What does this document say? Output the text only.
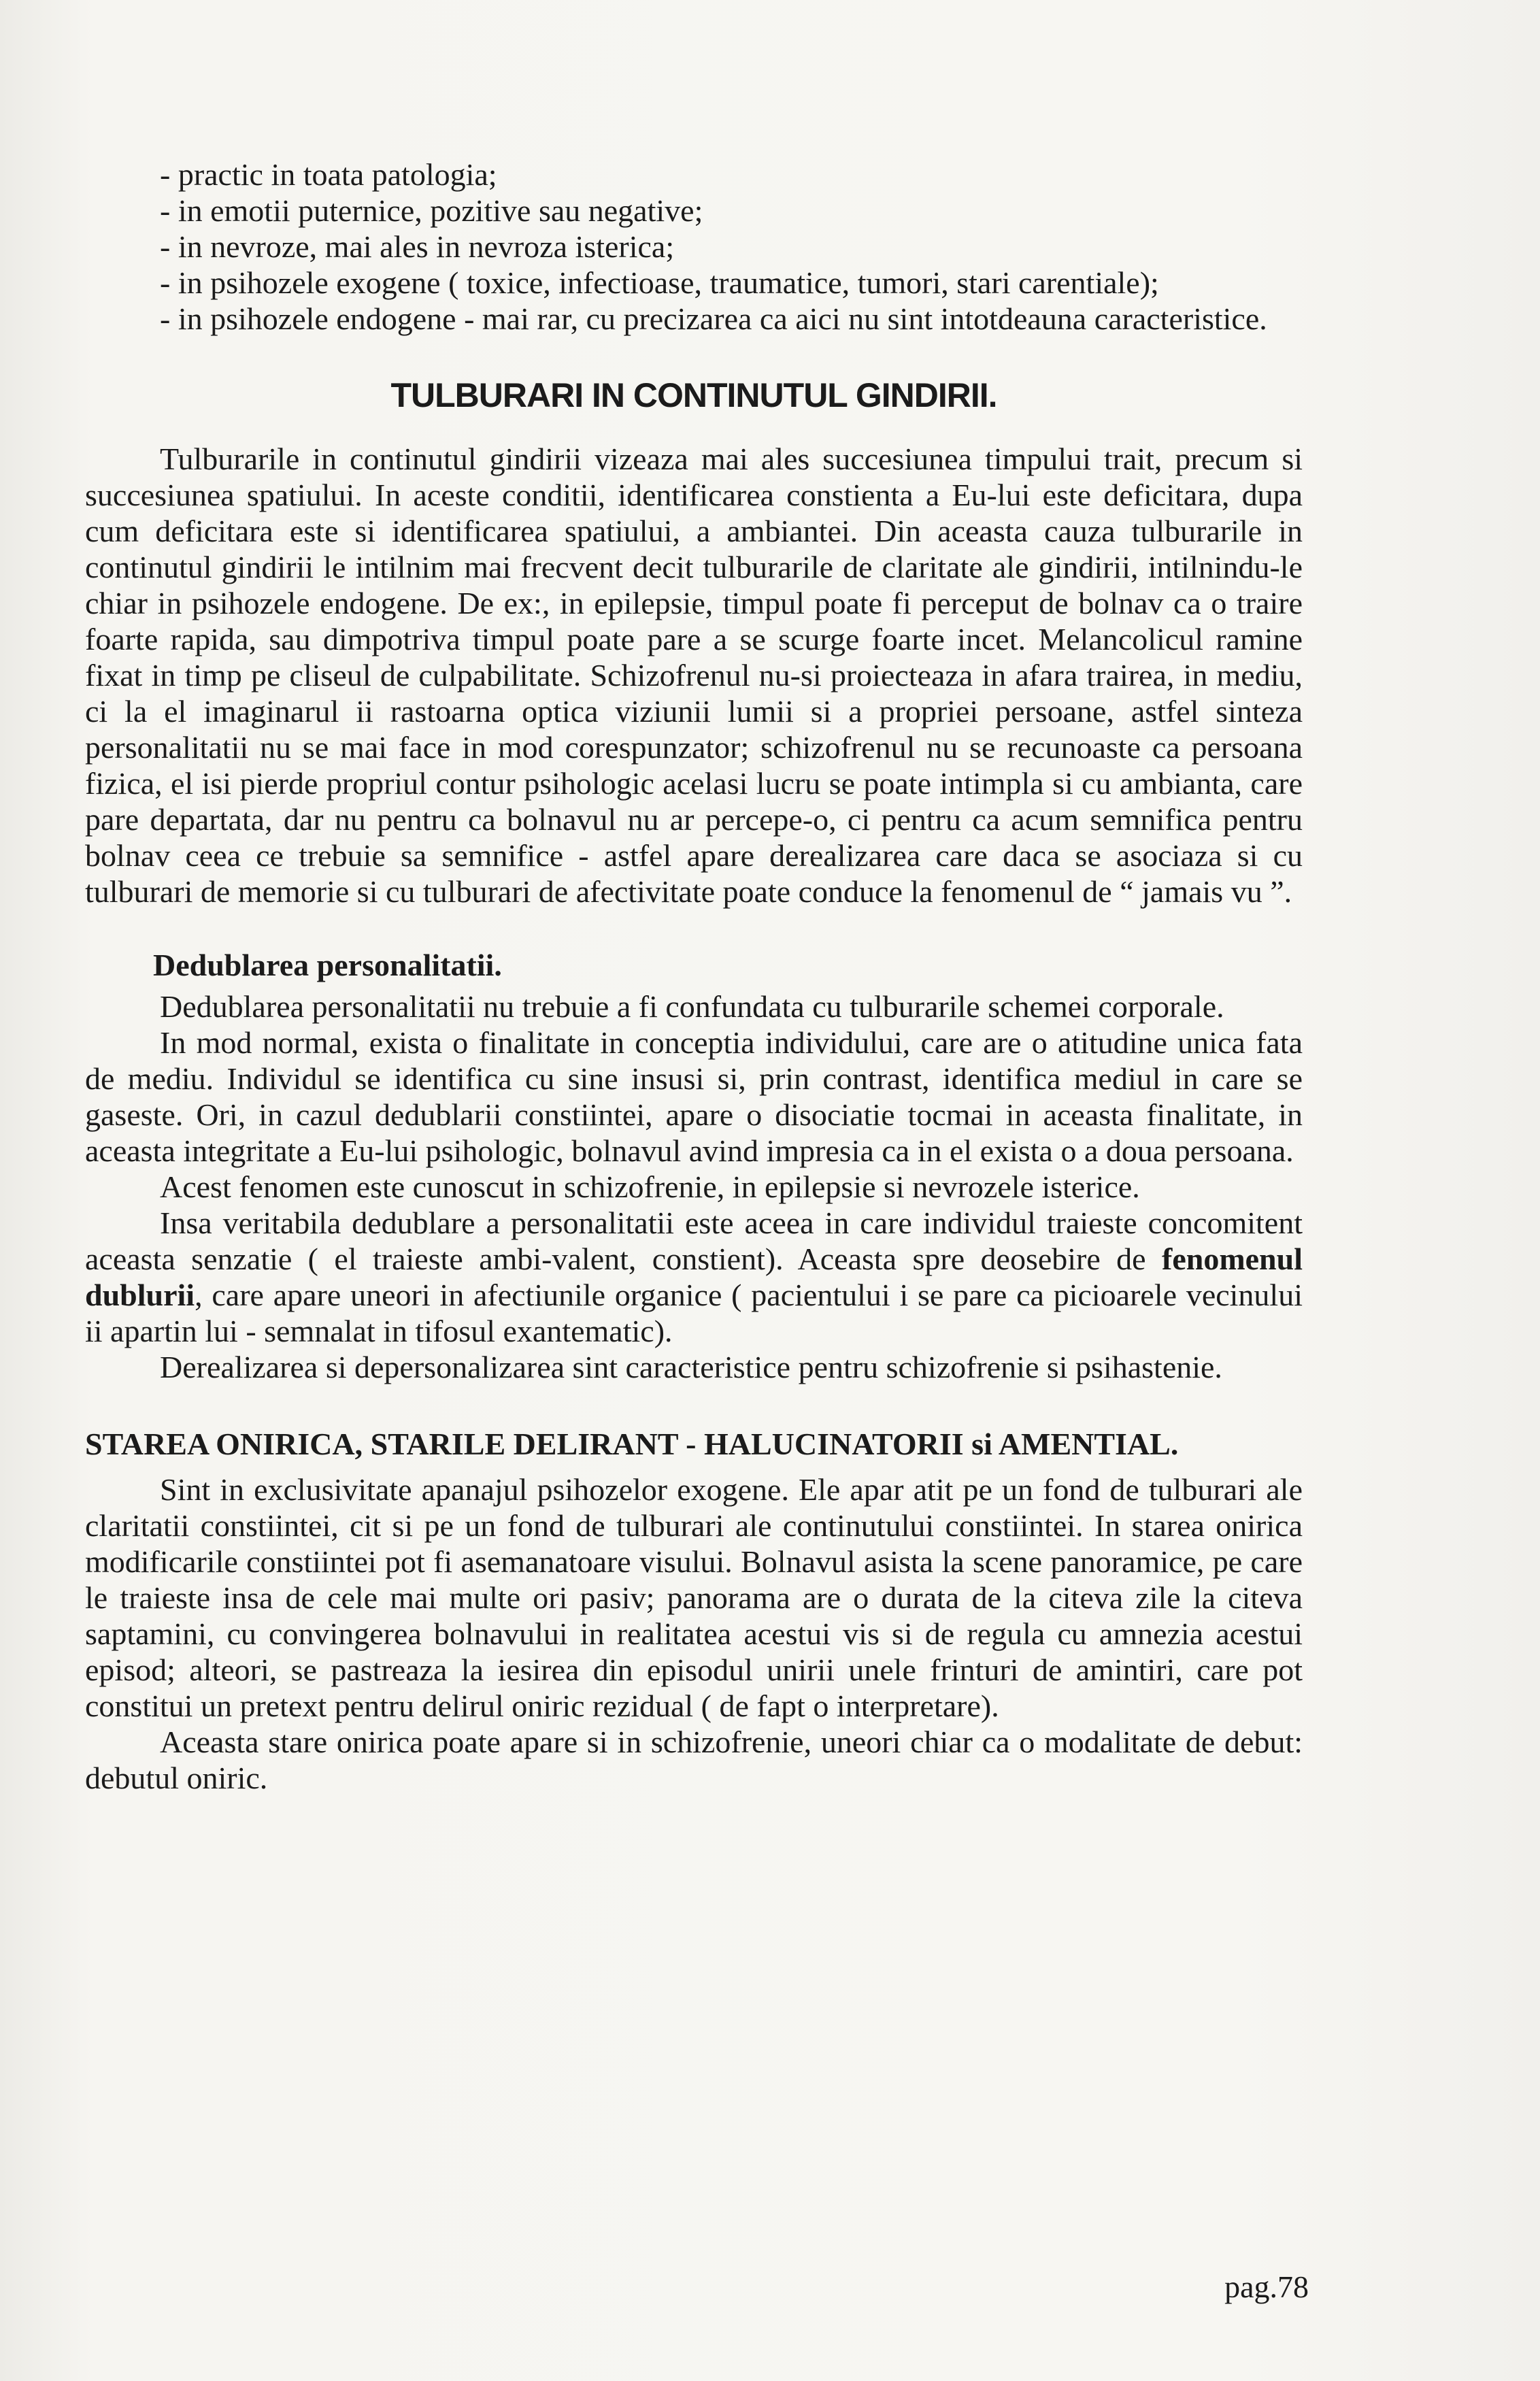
- practic in toata patologia;
- in emotii puternice, pozitive sau negative;
- in nevroze, mai ales in nevroza isterica;
- in psihozele exogene ( toxice, infectioase, traumatice, tumori, stari carentiale);
- in psihozele endogene - mai rar, cu precizarea ca aici nu sint intotdeauna caracteristice.
TULBURARI IN CONTINUTUL GINDIRII.

Tulburarile in continutul gindirii vizeaza mai ales succesiunea timpului trait, precum si succesiunea spatiului. In aceste conditii, identificarea constienta a Eu-lui este deficitara, dupa cum deficitara este si identificarea spatiului, a ambiantei. Din aceasta cauza tulburarile in continutul gindirii le intilnim mai frecvent decit tulburarile de claritate ale gindirii, intilnindu-le chiar in psihozele endogene. De ex:, in epilepsie, timpul poate fi perceput de bolnav ca o traire foarte rapida, sau dimpotriva timpul poate pare a se scurge foarte incet. Melancolicul ramine fixat in timp pe cliseul de culpabilitate. Schizofrenul nu-si proiecteaza in afara trairea, in mediu, ci la el imaginarul ii rastoarna optica viziunii lumii si a propriei persoane, astfel sinteza personalitatii nu se mai face in mod corespunzator; schizofrenul nu se recunoaste ca persoana fizica, el isi pierde propriul contur psihologic acelasi lucru se poate intimpla si cu ambianta, care pare departata, dar nu pentru ca bolnavul nu ar percepe-o, ci pentru ca acum semnifica pentru bolnav ceea ce trebuie sa semnifice - astfel apare derealizarea care daca se asociaza si cu tulburari de memorie si cu tulburari de afectivitate poate conduce la fenomenul de “ jamais vu ”.

Dedublarea personalitatii.

Dedublarea personalitatii nu trebuie a fi confundata cu tulburarile schemei corporale.

In mod normal, exista o finalitate in conceptia individului, care are o atitudine unica fata de mediu. Individul se identifica cu sine insusi si, prin contrast, identifica mediul in care se gaseste. Ori, in cazul dedublarii constiintei, apare o disociatie tocmai in aceasta finalitate, in aceasta integritate a Eu-lui psihologic, bolnavul avind impresia ca in el exista o a doua persoana.

Acest fenomen este cunoscut in schizofrenie, in epilepsie si nevrozele isterice.

Insa veritabila dedublare a personalitatii este aceea in care individul traieste concomitent aceasta senzatie ( el traieste ambi-valent, constient). Aceasta spre deosebire de fenomenul dublurii, care apare uneori in afectiunile organice ( pacientului i se pare ca picioarele vecinului ii apartin lui - semnalat in tifosul exantematic).

Derealizarea si depersonalizarea sint caracteristice pentru schizofrenie si psihastenie.

STAREA ONIRICA, STARILE DELIRANT - HALUCINATORII si AMENTIAL.

Sint in exclusivitate apanajul psihozelor exogene. Ele apar atit pe un fond de tulburari ale claritatii constiintei, cit si pe un fond de tulburari ale continutului constiintei. In starea onirica modificarile constiintei pot fi asemanatoare visului. Bolnavul asista la scene panoramice, pe care le traieste insa de cele mai multe ori pasiv; panorama are o durata de la citeva zile la citeva saptamini, cu convingerea bolnavului in realitatea acestui vis si de regula cu amnezia acestui episod; alteori, se pastreaza la iesirea din episodul unirii unele frinturi de amintiri, care pot constitui un pretext pentru delirul oniric rezidual ( de fapt o interpretare).

Aceasta stare onirica poate apare si in schizofrenie, uneori chiar ca o modalitate de debut: debutul oniric.

pag.78
